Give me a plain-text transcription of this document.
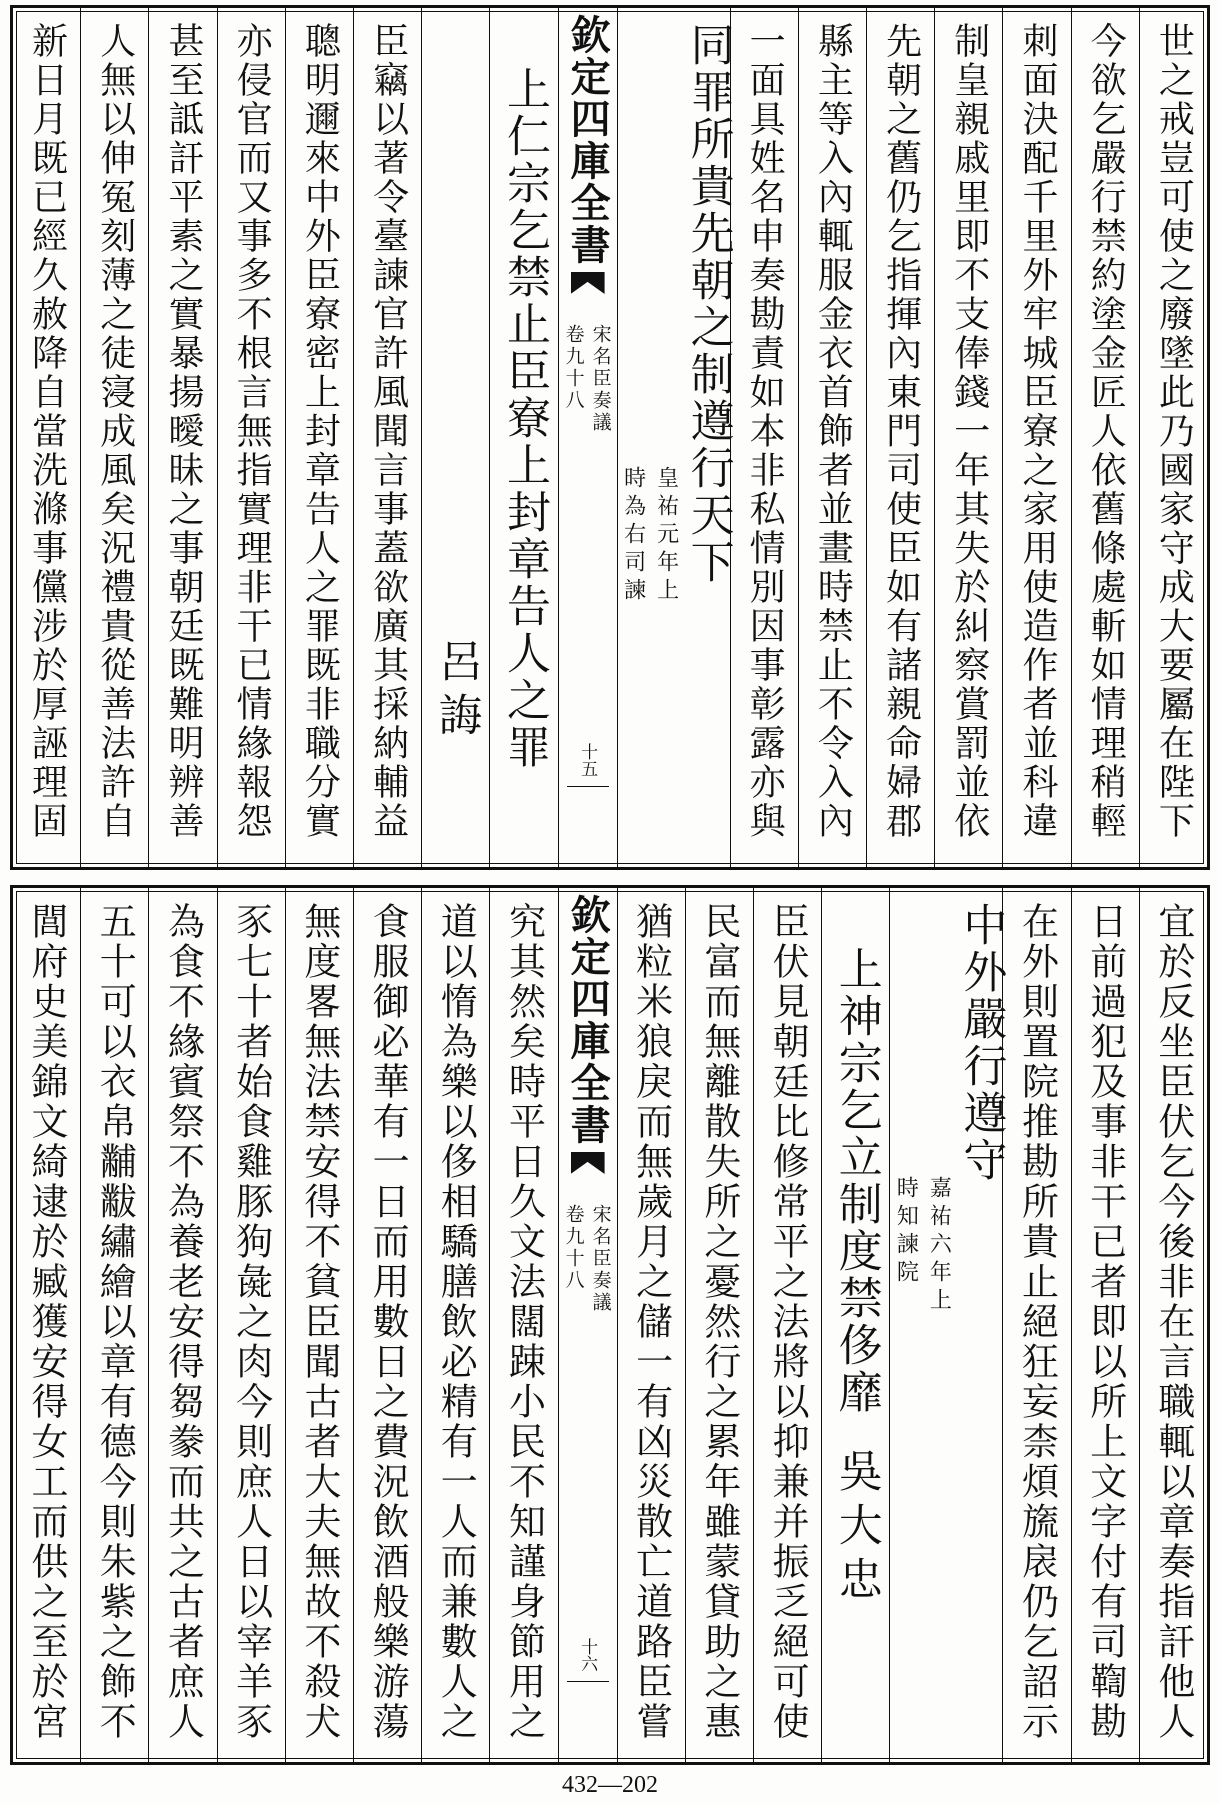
世之戒豈可使之廢墜此乃國家守成大要屬在陛下
今欲乞嚴行禁約塗金匠人依舊條處斬如情理稍輕
刺面決配千里外牢城臣寮之家用使造作者並科違
制皇親戚里即不支俸錢一年其失於糾察賞罰並依
先朝之舊仍乞指揮內東門司使臣如有諸親命婦郡
縣主等入內輒服金衣首飾者並畫時禁止不令入內
一面具姓名申奏勘責如本非私情別因事彰露亦與
皇祐元年上
時為右司諫 同罪所貴先朝之制遵行天下
欽定四庫全書
宋名臣奏議
卷九十八
十五
上仁宗乞禁止臣寮上封章告人之罪
呂誨
臣竊以著令臺諫官許風聞言事蓋欲廣其採納輔益
聰明邇來中外臣寮密上封章告人之罪既非職分實
亦侵官而又事多不根言無指實理非干已情緣報怨
甚至詆訐平素之實暴揚曖昧之事朝廷既難明辨善
人無以伸冤刻薄之徒寖成風矣況禮貴從善法許自
新日月既已經久赦降自當洗滌事儻涉於厚誣理固
宜於反坐臣伏乞今後非在言職輒以章奏指訐他人
日前過犯及事非干已者即以所上文字付有司鞫勘
在外則置院推勘所貴止絕狂妄柰煩旒扆仍乞詔示
嘉祐六年上
時知諫院
中外嚴行遵守
吳大忠
上神宗乞立制度禁侈靡
臣伏見朝廷比修常平之法將以抑兼并振乏絕可使
民富而無離散失所之憂然行之累年雖蒙貸助之惠
猶粒米狼戾而無歲月之儲一有凶災散亡道路臣嘗
欽定四庫全書
宋名臣奏議
卷九十八
十六
究其然矣時平日久文法闊踈小民不知謹身節用之
道以惰為樂以侈相驕膳飲必精有一人而兼數人之
食服御必華有一日而用數日之費況飲酒般樂游蕩
無度畧無法禁安得不貧臣聞古者大夫無故不殺犬
豕七十者始食雞豚狗彘之肉今則庶人日以宰羊豕
為食不緣賓祭不為養老安得芻豢而共之古者庶人
五十可以衣帛黼黻繡繪以章有德今則朱紫之飾不
閭府史美錦文綺逮於臧獲安得女工而供之至於宮
432—202
